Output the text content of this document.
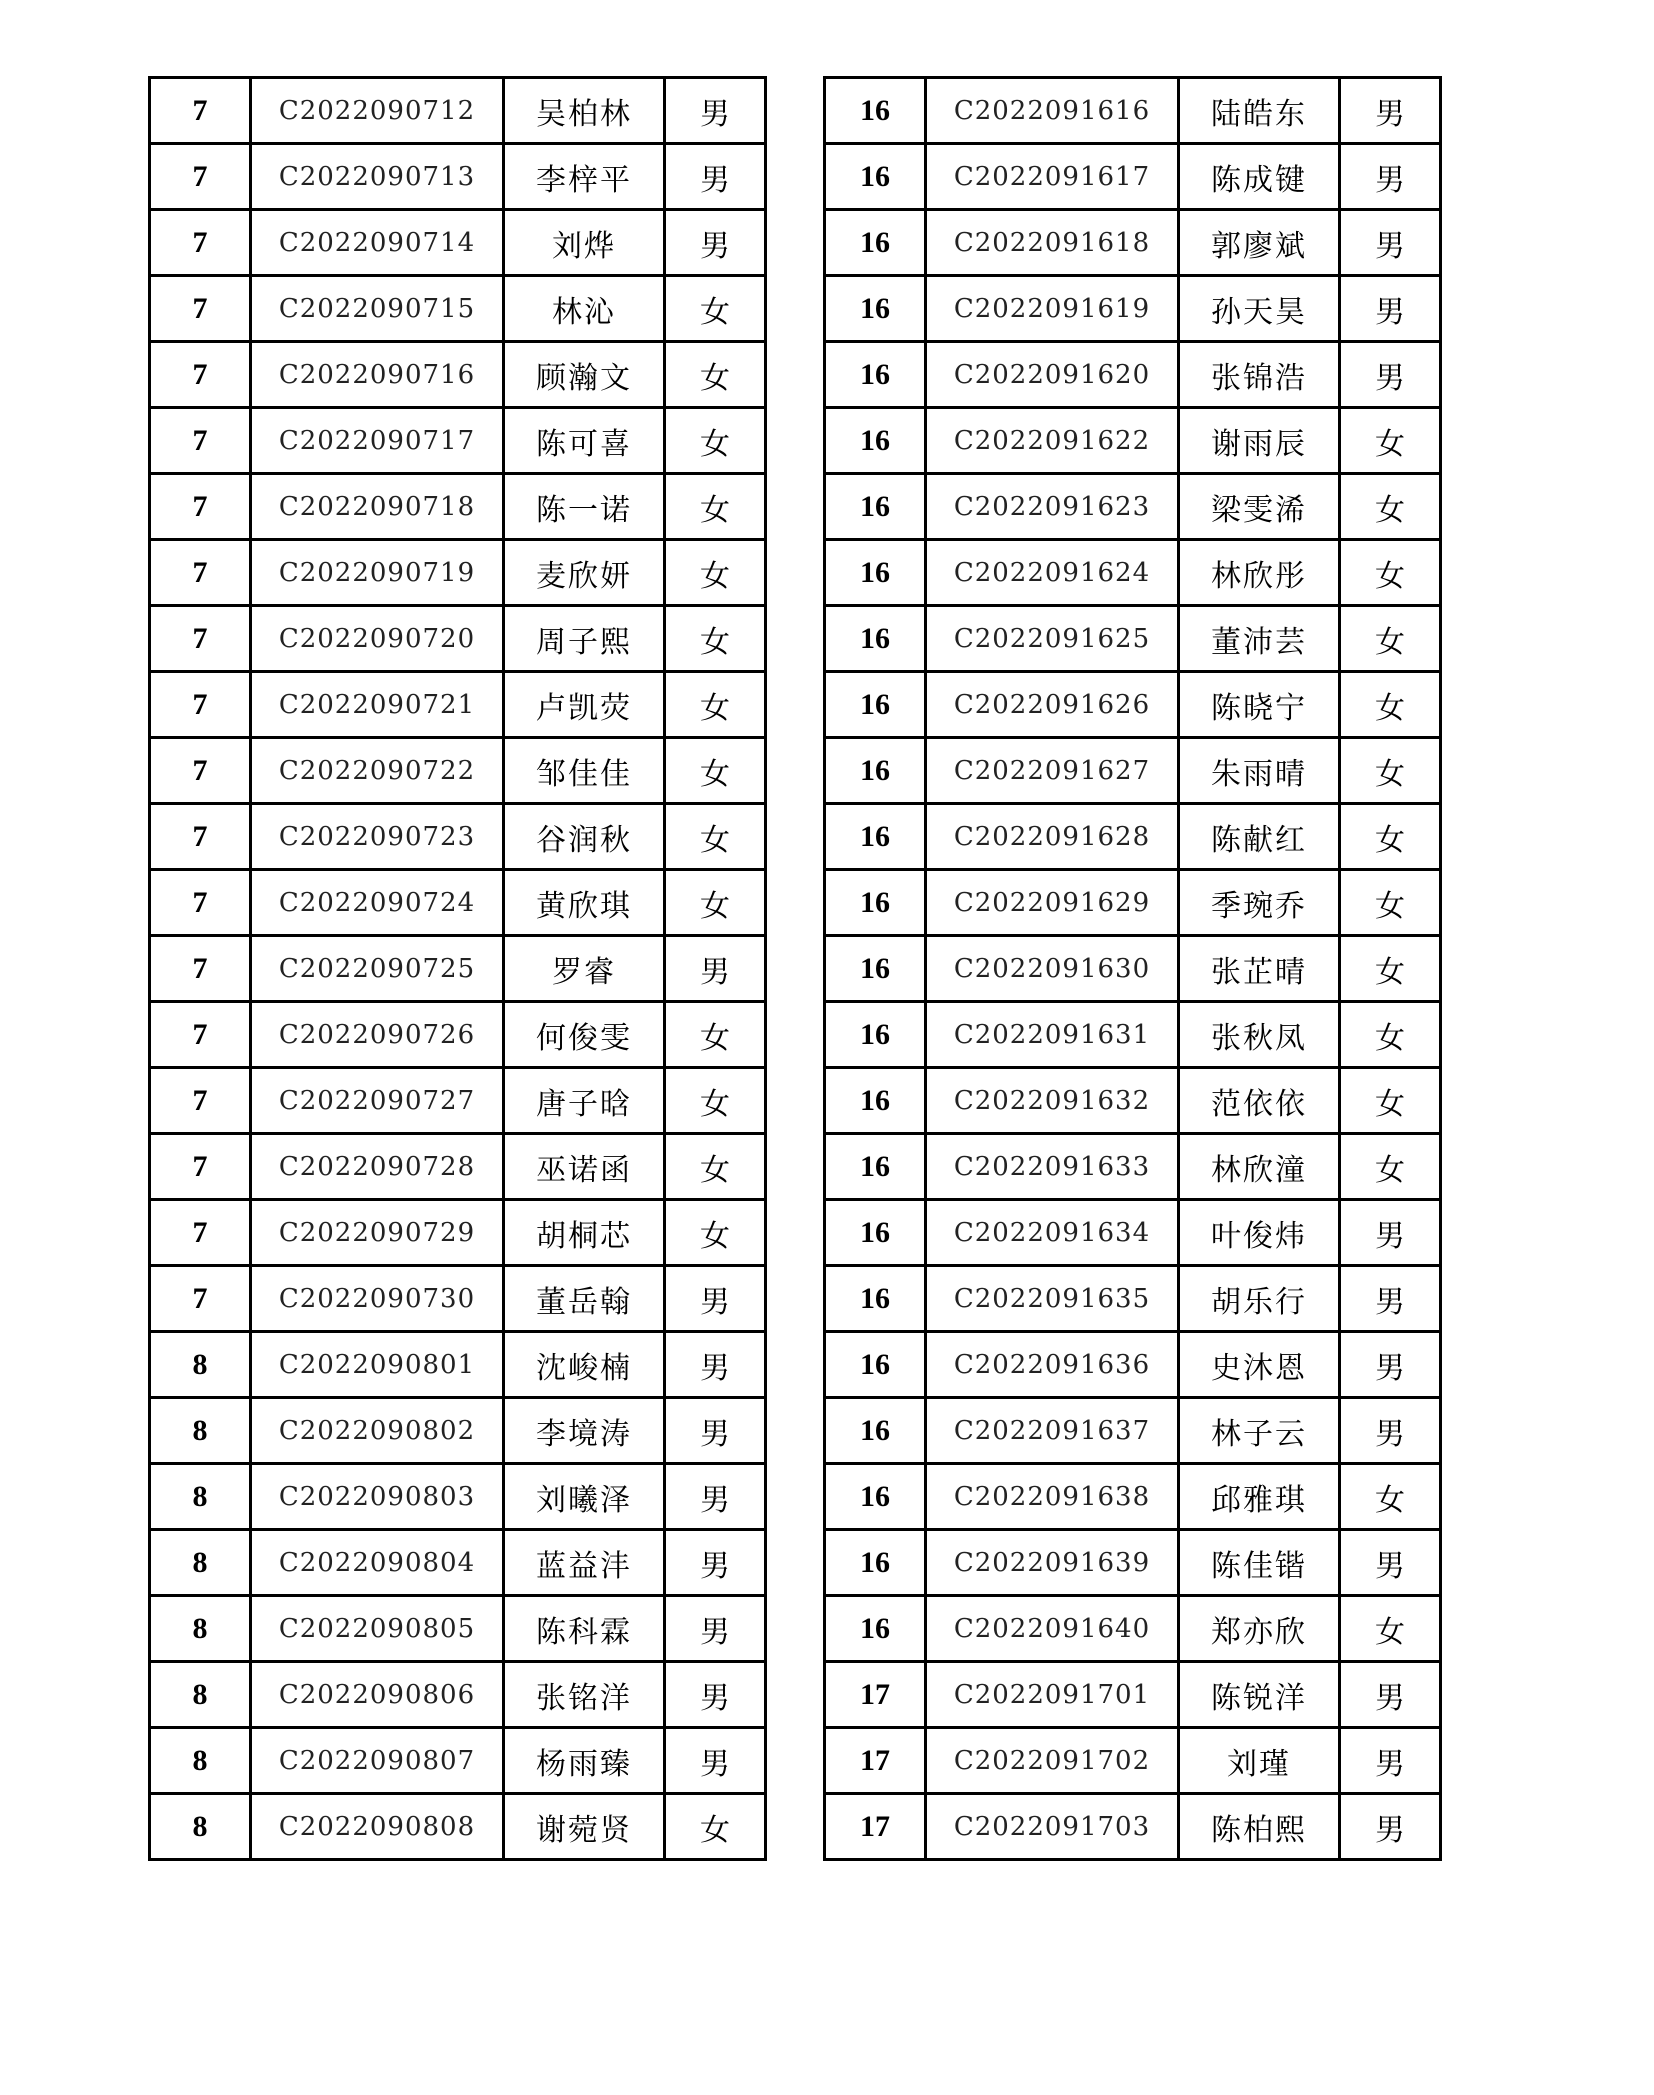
7	C2022090712	吴柏林	男
7	C2022090713	李梓平	男
7	C2022090714	刘烨	男
7	C2022090715	林沁	女
7	C2022090716	顾瀚文	女
7	C2022090717	陈可喜	女
7	C2022090718	陈一诺	女
7	C2022090719	麦欣妍	女
7	C2022090720	周子熙	女
7	C2022090721	卢凯荧	女
7	C2022090722	邹佳佳	女
7	C2022090723	谷润秋	女
7	C2022090724	黄欣琪	女
7	C2022090725	罗睿	男
7	C2022090726	何俊雯	女
7	C2022090727	唐子晗	女
7	C2022090728	巫诺函	女
7	C2022090729	胡桐芯	女
7	C2022090730	董岳翰	男
8	C2022090801	沈峻楠	男
8	C2022090802	李境涛	男
8	C2022090803	刘曦泽	男
8	C2022090804	蓝益沣	男
8	C2022090805	陈科霖	男
8	C2022090806	张铭洋	男
8	C2022090807	杨雨臻	男
8	C2022090808	谢菀贤	女
16	C2022091616	陆皓东	男
16	C2022091617	陈成键	男
16	C2022091618	郭廖斌	男
16	C2022091619	孙天昊	男
16	C2022091620	张锦浩	男
16	C2022091622	谢雨辰	女
16	C2022091623	梁雯浠	女
16	C2022091624	林欣彤	女
16	C2022091625	董沛芸	女
16	C2022091626	陈晓宁	女
16	C2022091627	朱雨晴	女
16	C2022091628	陈献红	女
16	C2022091629	季琬乔	女
16	C2022091630	张芷晴	女
16	C2022091631	张秋凤	女
16	C2022091632	范依依	女
16	C2022091633	林欣潼	女
16	C2022091634	叶俊炜	男
16	C2022091635	胡乐行	男
16	C2022091636	史沐恩	男
16	C2022091637	林子云	男
16	C2022091638	邱雅琪	女
16	C2022091639	陈佳锴	男
16	C2022091640	郑亦欣	女
17	C2022091701	陈锐洋	男
17	C2022091702	刘瑾	男
17	C2022091703	陈柏熙	男
